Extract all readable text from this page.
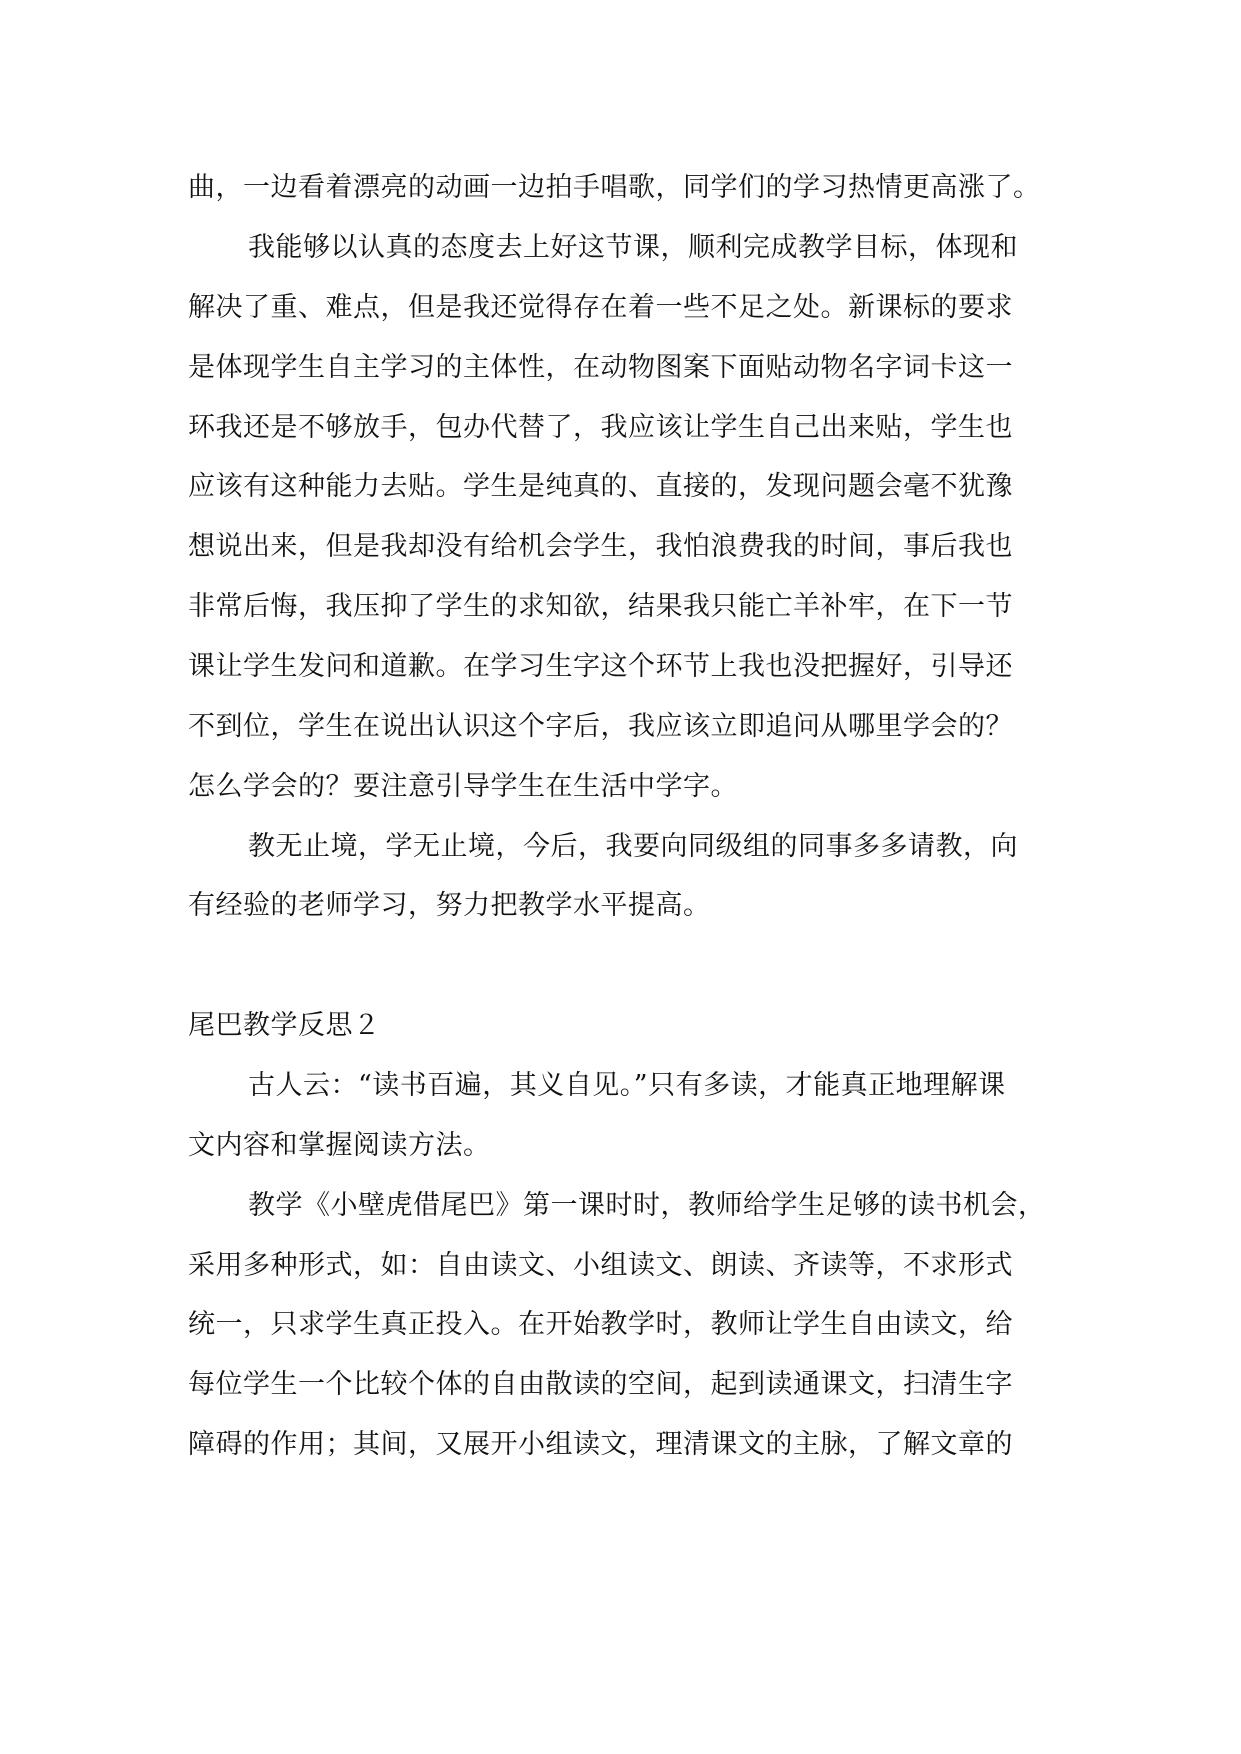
曲，一边看着漂亮的动画一边拍手唱歌，同学们的学习热情更高涨了。
我能够以认真的态度去上好这节课，顺利完成教学目标，体现和
解决了重、难点，但是我还觉得存在着一些不足之处。新课标的要求
是体现学生自主学习的主体性，在动物图案下面贴动物名字词卡这一
环我还是不够放手，包办代替了，我应该让学生自己出来贴，学生也
应该有这种能力去贴。学生是纯真的、直接的，发现问题会毫不犹豫
想说出来，但是我却没有给机会学生，我怕浪费我的时间，事后我也
非常后悔，我压抑了学生的求知欲，结果我只能亡羊补牢，在下一节
课让学生发问和道歉。在学习生字这个环节上我也没把握好，引导还
不到位，学生在说出认识这个字后，我应该立即追问从哪里学会的？
怎么学会的？要注意引导学生在生活中学字。
教无止境，学无止境，今后，我要向同级组的同事多多请教，向
有经验的老师学习，努力把教学水平提高。
尾巴教学反思２
古人云：“读书百遍，其义自见。”只有多读，才能真正地理解课
文内容和掌握阅读方法。
教学《小壁虎借尾巴》第一课时时，教师给学生足够的读书机会，
采用多种形式，如：自由读文、小组读文、朗读、齐读等，不求形式
统一，只求学生真正投入。在开始教学时，教师让学生自由读文，给
每位学生一个比较个体的自由散读的空间，起到读通课文，扫清生字
障碍的作用；其间，又展开小组读文，理清课文的主脉，了解文章的
